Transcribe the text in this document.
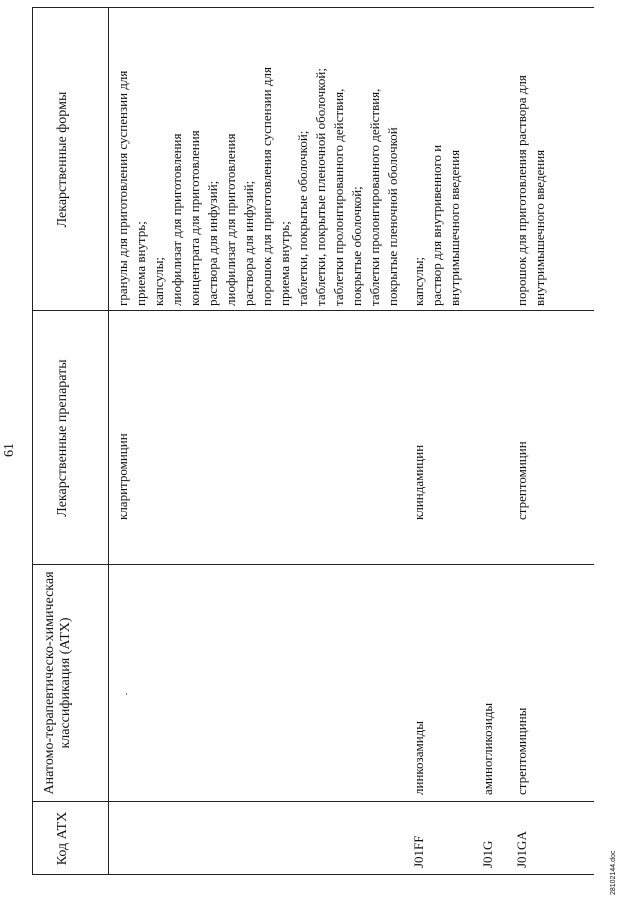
61
Код АТХ
Анатомо-терапевтическо-химическая классификация (АТХ)
Лекарственные препараты
Лекарственные формы
кларитромицин
гранулы для приготовления суспензии для приема внутрь; капсулы; лиофилизат для приготовления концентрата для приготовления раствора для инфузий; лиофилизат для приготовления раствора для инфузий; порошок для приготовления суспензии для приема внутрь; таблетки, покрытые оболочкой; таблетки, покрытые пленочной оболочкой; таблетки пролонгированного действия, покрытые оболочкой; таблетки пролонгированного действия, покрытые пленочной оболочкой
J01FF
линкозамиды
клиндамицин
капсулы; раствор для внутривенного и внутримышечного введения
J01G
аминогликозиды
J01GA
стрептомицины
стрептомицин
порошок для приготовления раствора для внутримышечного введения
28102144.doc
